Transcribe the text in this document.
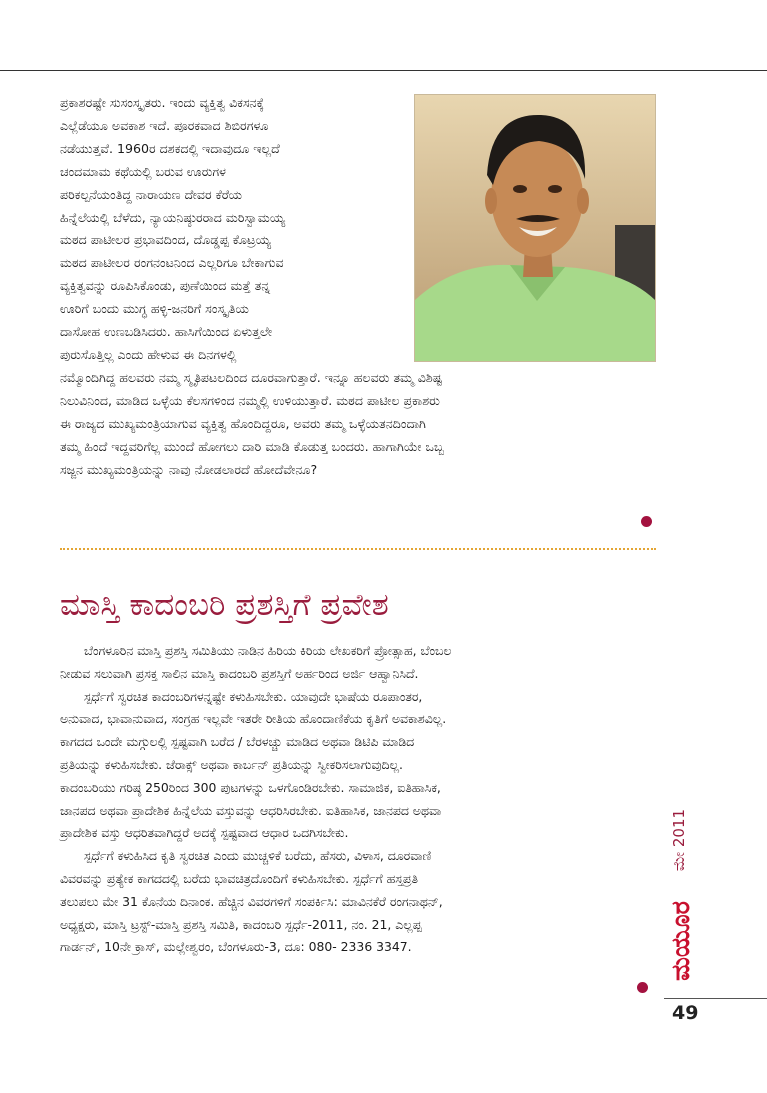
ಪ್ರಕಾಶರಷ್ಟೇ ಸುಸಂಸ್ಕೃತರು. ಇಂದು ವ್ಯಕ್ತಿತ್ವ ವಿಕಸನಕ್ಕೆ

ಎಲ್ಲೆಡೆಯೂ ಅವಕಾಶ ಇದೆ. ಪೂರಕವಾದ ಶಿಬಿರಗಳೂ

ನಡೆಯುತ್ತವೆ. 1960ರ ದಶಕದಲ್ಲಿ ಇದಾವುದೂ ಇಲ್ಲದೆ

ಚಂದಮಾಮ ಕಥೆಯಲ್ಲಿ ಬರುವ ಊರುಗಳ

ಪರಿಕಲ್ಪನೆಯಂತಿದ್ದ ನಾರಾಯಣ ದೇವರ ಕೆರೆಯ

ಹಿನ್ನೆಲೆಯಲ್ಲಿ ಬೆಳೆದು, ನ್ಯಾಯನಿಷ್ಠುರರಾದ ಮರಿಸ್ವಾಮಯ್ಯ

ಮಠದ ಪಾಟೀಲರ ಪ್ರಭಾವದಿಂದ, ದೊಡ್ಡಪ್ಪ ಕೊಟ್ರಯ್ಯ

ಮಠದ ಪಾಟೀಲರ ರಂಗನಂಟನಿಂದ ಎಲ್ಲರಿಗೂ ಬೇಕಾಗುವ

ವ್ಯಕ್ತಿತ್ವವನ್ನು ರೂಪಿಸಿಕೊಂಡು, ಪುಣೆಯಿಂದ ಮತ್ತೆ ತನ್ನ

ಊರಿಗೆ ಬಂದು ಮುಗ್ಧ ಹಳ್ಳಿ-ಜನರಿಗೆ ಸಂಸ್ಕೃತಿಯ

ದಾಸೋಹ ಉಣಬಡಿಸಿದರು. ಹಾಸಿಗೆಯಿಂದ ಏಳುತ್ತಲೇ

ಪುರುಸೊತ್ತಿಲ್ಲ ಎಂದು ಹೇಳುವ ಈ ದಿನಗಳಲ್ಲಿ

ನಮ್ಮೊಂದಿಗಿದ್ದ ಹಲವರು ನಮ್ಮ ಸ್ಮೃತಿಪಟಲದಿಂದ ದೂರವಾಗುತ್ತಾರೆ. ಇನ್ನೂ ಹಲವರು ತಮ್ಮ ವಿಶಿಷ್ಟ

ನಿಲುವಿನಿಂದ, ಮಾಡಿದ ಒಳ್ಳೆಯ ಕೆಲಸಗಳಿಂದ ನಮ್ಮಲ್ಲಿ ಉಳಿಯುತ್ತಾರೆ. ಮಠದ ಪಾಟೀಲ ಪ್ರಕಾಶರು

ಈ ರಾಜ್ಯದ ಮುಖ್ಯಮಂತ್ರಿಯಾಗುವ ವ್ಯಕ್ತಿತ್ವ ಹೊಂದಿದ್ದರೂ, ಅವರು ತಮ್ಮ ಒಳ್ಳೆಯತನದಿಂದಾಗಿ

ತಮ್ಮ ಹಿಂದೆ ಇದ್ದವರಿಗೆಲ್ಲ ಮುಂದೆ ಹೋಗಲು ದಾರಿ ಮಾಡಿ ಕೊಡುತ್ತ ಬಂದರು. ಹಾಗಾಗಿಯೇ ಒಬ್ಬ

ಸಜ್ಜನ ಮುಖ್ಯಮಂತ್ರಿಯನ್ನು ನಾವು ನೋಡಲಾರದೆ ಹೋದೆವೇನೂ?

ಮಾಸ್ತಿ ಕಾದಂಬರಿ ಪ್ರಶಸ್ತಿಗೆ ಪ್ರವೇಶ

ಬೆಂಗಳೂರಿನ ಮಾಸ್ತಿ ಪ್ರಶಸ್ತಿ ಸಮಿತಿಯು ನಾಡಿನ ಹಿರಿಯ ಕಿರಿಯ ಲೇಖಕರಿಗೆ ಪ್ರೋತ್ಸಾಹ, ಬೆಂಬಲ

ನೀಡುವ ಸಲುವಾಗಿ ಪ್ರಸಕ್ತ ಸಾಲಿನ ಮಾಸ್ತಿ ಕಾದಂಬರಿ ಪ್ರಶಸ್ತಿಗೆ ಅರ್ಹರಿಂದ ಅರ್ಜಿ ಆಹ್ವಾನಿಸಿದೆ.

ಸ್ಪರ್ಧೆಗೆ ಸ್ವರಚಿತ ಕಾದಂಬರಿಗಳನ್ನಷ್ಟೇ ಕಳುಹಿಸಬೇಕು. ಯಾವುದೇ ಭಾಷೆಯ ರೂಪಾಂತರ,

ಅನುವಾದ, ಭಾವಾನುವಾದ, ಸಂಗ್ರಹ ಇಲ್ಲವೇ ಇತರೇ ರೀತಿಯ ಹೊಂದಾಣಿಕೆಯ ಕೃತಿಗೆ ಅವಕಾಶವಿಲ್ಲ.

ಕಾಗದದ ಒಂದೇ ಮಗ್ಗುಲಲ್ಲಿ ಸ್ಪಷ್ಟವಾಗಿ ಬರೆದ / ಬೆರಳಚ್ಚು ಮಾಡಿದ ಅಥವಾ ಡಿಟಿಪಿ ಮಾಡಿದ

ಪ್ರತಿಯನ್ನು ಕಳುಹಿಸಬೇಕು. ಜೆರಾಕ್ಸ್ ಅಥವಾ ಕಾರ್ಬನ್ ಪ್ರತಿಯನ್ನು ಸ್ವೀಕರಿಸಲಾಗುವುದಿಲ್ಲ.

ಕಾದಂಬರಿಯು ಗರಿಷ್ಠ 250ರಿಂದ 300 ಪುಟಗಳನ್ನು ಒಳಗೊಂಡಿರಬೇಕು. ಸಾಮಾಜಿಕ, ಐತಿಹಾಸಿಕ,

ಜಾನಪದ ಅಥವಾ ಪ್ರಾದೇಶಿಕ ಹಿನ್ನೆಲೆಯ ವಸ್ತುವನ್ನು ಆಧರಿಸಿರಬೇಕು. ಐತಿಹಾಸಿಕ, ಜಾನಪದ ಅಥವಾ

ಪ್ರಾದೇಶಿಕ ವಸ್ತು ಆಧರಿತವಾಗಿದ್ದರೆ ಅದಕ್ಕೆ ಸ್ಪಷ್ಟವಾದ ಆಧಾರ ಒದಗಿಸಬೇಕು.

ಸ್ಪರ್ಧೆಗೆ ಕಳುಹಿಸಿದ ಕೃತಿ ಸ್ವರಚಿತ ಎಂದು ಮುಚ್ಚಳಿಕೆ ಬರೆದು, ಹೆಸರು, ವಿಳಾಸ, ದೂರವಾಣಿ

ವಿವರವನ್ನು ಪ್ರತ್ಯೇಕ ಕಾಗದದಲ್ಲಿ ಬರೆದು ಭಾವಚಿತ್ರದೊಂದಿಗೆ ಕಳುಹಿಸಬೇಕು. ಸ್ಪರ್ಧೆಗೆ ಹಸ್ತಪ್ರತಿ

ತಲುಪಲು ಮೇ 31 ಕೊನೆಯ ದಿನಾಂಕ. ಹೆಚ್ಚಿನ ವಿವರಗಳಿಗೆ ಸಂಪರ್ಕಿಸಿ: ಮಾವಿನಕೆರೆ ರಂಗನಾಥನ್,

ಅಧ್ಯಕ್ಷರು, ಮಾಸ್ತಿ ಟ್ರಸ್ಟ್-ಮಾಸ್ತಿ ಪ್ರಶಸ್ತಿ ಸಮಿತಿ, ಕಾದಂಬರಿ ಸ್ಪರ್ಧೆ-2011, ನಂ. 21, ಎಲ್ಲಪ್ಪ

ಗಾರ್ಡನ್, 10ನೇ ಕ್ರಾಸ್, ಮಲ್ಲೇಶ್ವರಂ, ಬೆಂಗಳೂರು-3, ದೂ: 080- 2336 3347.

ಮೇ 2011
ಮಯೂರ
49
